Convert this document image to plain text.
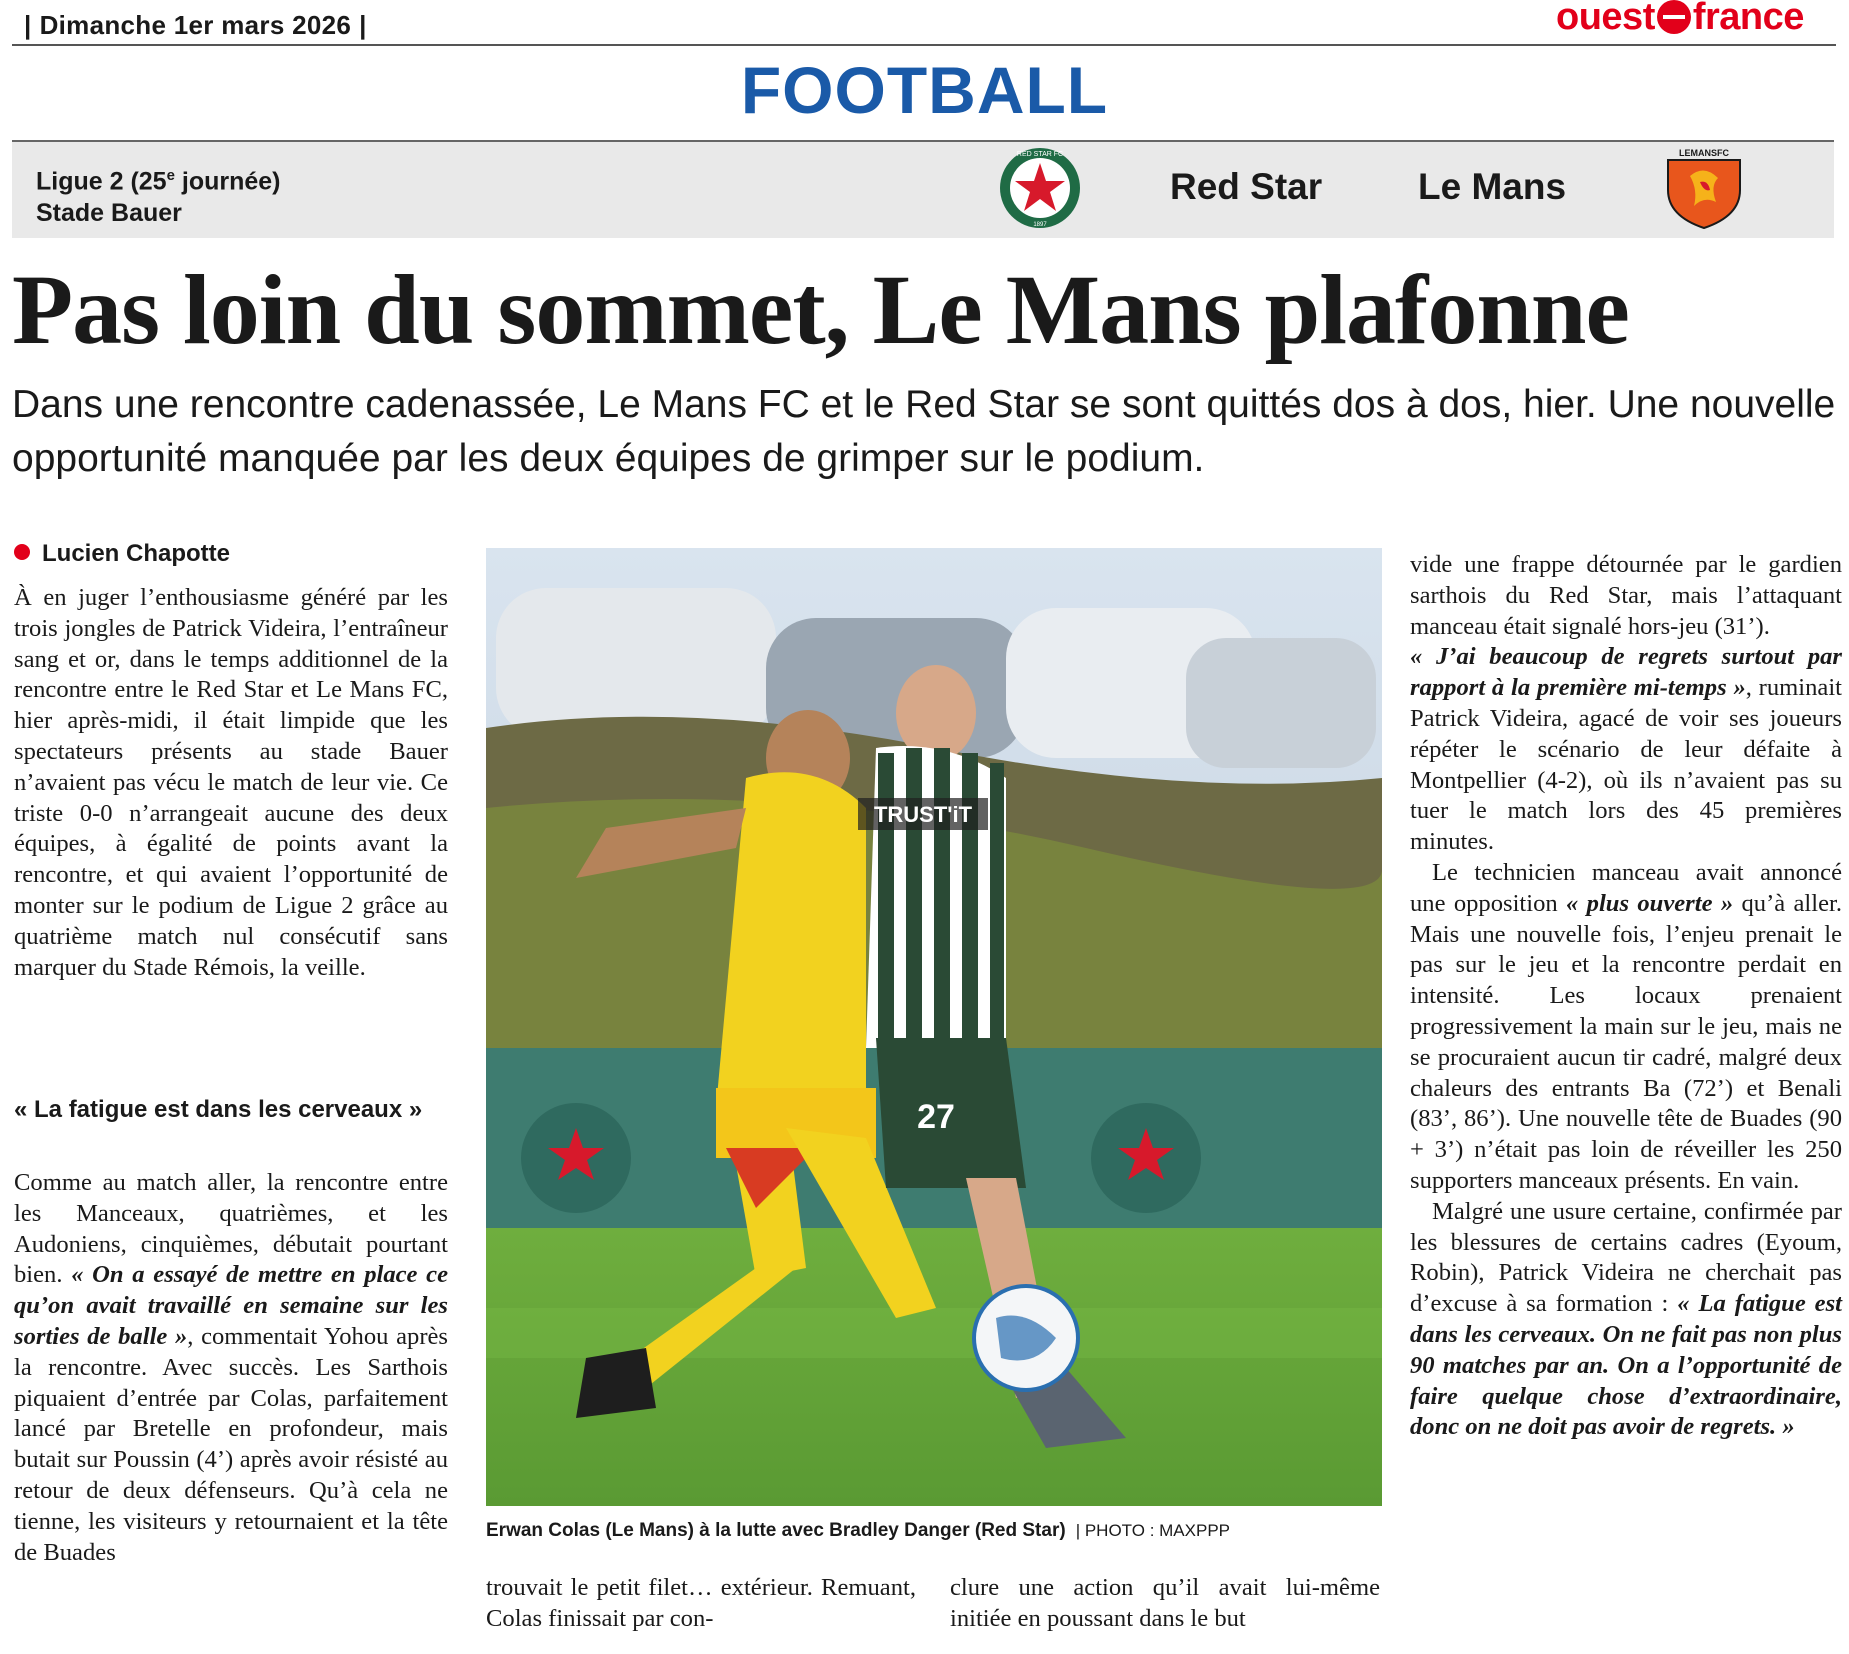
| Dimanche 1er mars 2026 |	ouest france
FOOTBALL
Ligue 2 (25e journée)
Stade Bauer
RED STAR FC
1897
Red Star	Le Mans
LEMANSFC
Pas loin du sommet, Le Mans plafonne
Dans une rencontre cadenassée, Le Mans FC et le Red Star se sont quittés dos à dos, hier. Une nouvelle opportunité manquée par les deux équipes de grimper sur le podium.
Lucien Chapotte

À en juger l’enthousiasme généré par les trois jongles de Patrick Videira, l’entraîneur sang et or, dans le temps additionnel de la rencontre entre le Red Star et Le Mans FC, hier après-midi, il était limpide que les spectateurs présents au stade Bauer n’avaient pas vécu le match de leur vie. Ce triste 0-0 n’arrangeait aucune des deux équipes, à égalité de points avant la rencontre, et qui avaient l’opportunité de monter sur le podium de Ligue 2 grâce au quatrième match nul consécutif sans marquer du Stade Rémois, la veille.

« La fatigue est dans les cerveaux »

Comme au match aller, la rencontre entre les Manceaux, quatrièmes, et les Audoniens, cinquièmes, débutait pourtant bien. « On a essayé de mettre en place ce qu’on avait travaillé en semaine sur les sorties de balle », commentait Yohou après la rencontre. Avec succès. Les Sarthois piquaient d’entrée par Colas, parfaitement lancé par Bretelle en profondeur, mais butait sur Poussin (4’) après avoir résisté au retour de deux défenseurs. Qu’à cela ne tienne, les visiteurs y retournaient et la tête de Buades

TRUST'iT
27
Erwan Colas (Le Mans) à la lutte avec Bradley Danger (Red Star) | PHOTO : MAXPPP
trouvait le petit filet… extérieur. Remuant, Colas finissait par con-
clure une action qu’il avait lui-même initiée en poussant dans le but

vide une frappe détournée par le gardien sarthois du Red Star, mais l’attaquant manceau était signalé hors-jeu (31’).

« J’ai beaucoup de regrets surtout par rapport à la première mi-temps », ruminait Patrick Videira, agacé de voir ses joueurs répéter le scénario de leur défaite à Montpellier (4-2), où ils n’avaient pas su tuer le match lors des 45 premières minutes.

Le technicien manceau avait annoncé une opposition « plus ouverte » qu’à aller. Mais une nouvelle fois, l’enjeu prenait le pas sur le jeu et la rencontre perdait en intensité. Les locaux prenaient progressivement la main sur le jeu, mais ne se procuraient aucun tir cadré, malgré deux chaleurs des entrants Ba (72’) et Benali (83’, 86’). Une nouvelle tête de Buades (90 + 3’) n’était pas loin de réveiller les 250 supporters manceaux présents. En vain.

Malgré une usure certaine, confirmée par les blessures de certains cadres (Eyoum, Robin), Patrick Videira ne cherchait pas d’excuse à sa formation : « La fatigue est dans les cerveaux. On ne fait pas non plus 90 matches par an. On a l’opportunité de faire quelque chose d’extraordinaire, donc on ne doit pas avoir de regrets. »
